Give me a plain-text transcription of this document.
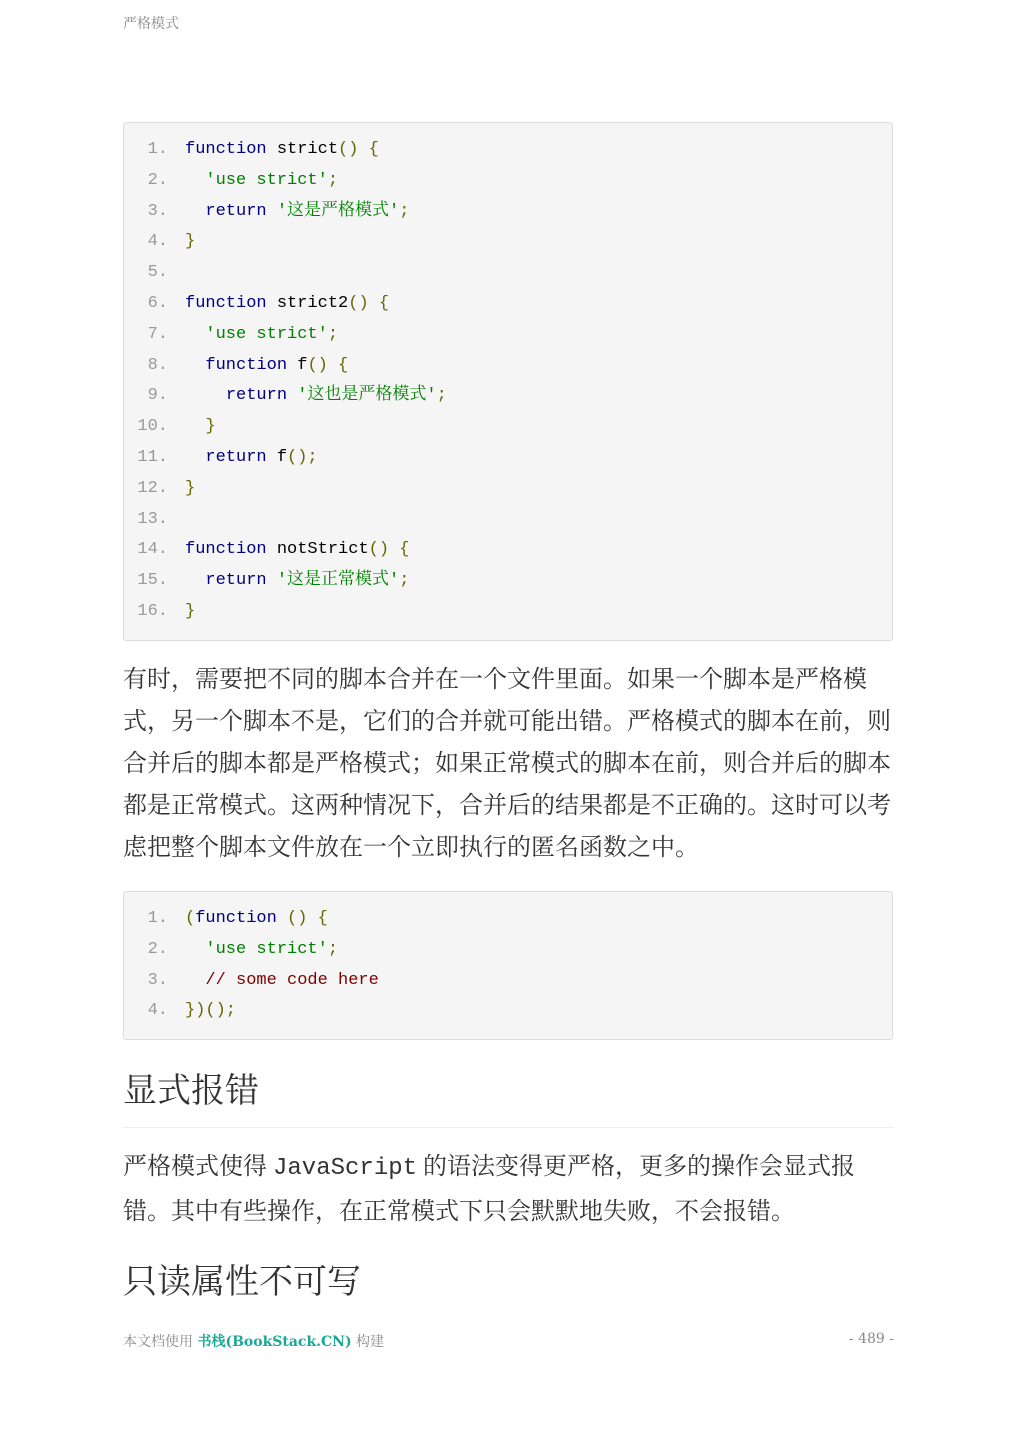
严格模式
1. function strict() {
2.	'use strict';
3.	return '这是严格模式';
4. }
5.
6. function strict2() {
7.	'use strict';
8.	function f() {
9.	return '这也是严格模式';
10.	}
11.	return f();
12. }
13.
14. function notStrict() {
15.	return '这是正常模式';
16. }

有时，需要把不同的脚本合并在一个文件里面。如果一个脚本是严格模式，另一个脚本不是，它们的合并就可能出错。严格模式的脚本在前，则合并后的脚本都是严格模式；如果正常模式的脚本在前，则合并后的脚本都是正常模式。这两种情况下，合并后的结果都是不正确的。这时可以考虑把整个脚本文件放在一个立即执行的匿名函数之中。

1. (function () {
2.	'use strict';
3.	// some code here
4. })();
显式报错

严格模式使得 JavaScript 的语法变得更严格，更多的操作会显式报错。其中有些操作，在正常模式下只会默默地失败，不会报错。

只读属性不可写
本文档使用 书栈(BookStack.CN) 构建	- 489 -
